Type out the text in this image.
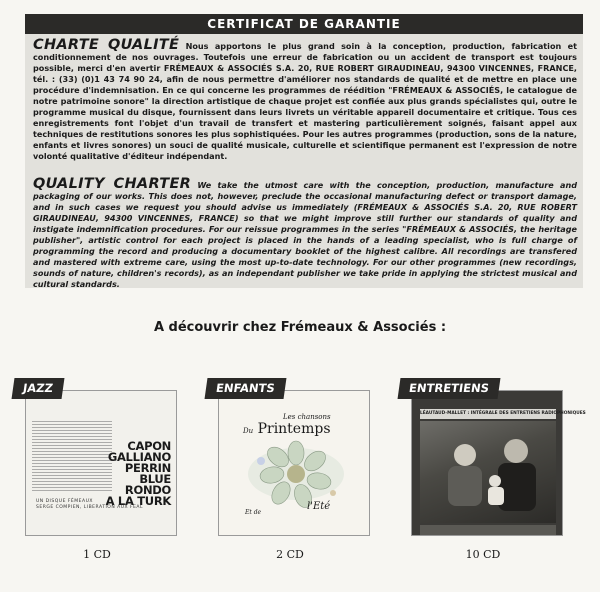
CERTIFICAT DE GARANTIE
CHARTE QUALITÉ Nous apportons le plus grand soin à la conception, production, fabrication et conditionnement de nos ouvrages. Toutefois une erreur de fabrication ou un accident de transport est toujours possible, merci d'en avertir FRÉMEAUX & ASSOCIÉS S.A. 20, RUE ROBERT GIRAUDINEAU, 94300 VINCENNES, FRANCE, tél. : (33) (0)1 43 74 90 24, afin de nous permettre d'améliorer nos standards de qualité et de mettre en place une procédure d'indemnisation. En ce qui concerne les programmes de réédition "FRÉMEAUX & ASSOCIÉS, le catalogue de notre patrimoine sonore" la direction artistique de chaque projet est confiée aux plus grands spécialistes qui, outre le programme musical du disque, fournissent dans leurs livrets un véritable appareil documentaire et critique. Tous ces enregistrements font l'objet d'un travail de transfert et mastering particulièrement soignés, faisant appel aux techniques de restitutions sonores les plus sophistiquées. Pour les autres programmes (production, sons de la nature, enfants et livres sonores) un souci de qualité musicale, culturelle et scientifique permanent est l'expression de notre volonté qualitative d'éditeur indépendant.
QUALITY CHARTER We take the utmost care with the conception, production, manufacture and packaging of our works. This does not, however, preclude the occasional manufacturing defect or transport damage, and in such cases we request you should advise us immediately (FRÉMEAUX & ASSOCIÉS S.A. 20, RUE ROBERT GIRAUDINEAU, 94300 VINCENNES, FRANCE) so that we might improve still further our standards of quality and instigate indemnification procedures. For our reissue programmes in the series "FRÉMEAUX & ASSOCIÉS, the heritage publisher", artistic control for each project is placed in the hands of a leading specialist, who is full charge of programming the record and producing a documentary booklet of the highest calibre. All recordings are transfered and mastered with extreme care, using the most up-to-date technology. For our other programmes (new recordings, sounds of nature, children's records), as an independant publisher we take pride in applying the strictest musical and cultural standards.
A découvrir chez Frémeaux & Associés :
JAZZ
CAPON
GALLIANO
PERRIN
BLUE
RONDO
A LA TURK
UN DISQUE FÉMEAUX
SERGE COMPIEN, LIBERATION AUX FEAL
1 CD
ENFANTS
Les chansons
Du Printemps
Et de
l'Eté
2 CD
ENTRETIENS
LÉAUTAUD-MALLET : INTÉGRALE DES ENTRETIENS RADIOPHONIQUES
10 CD
